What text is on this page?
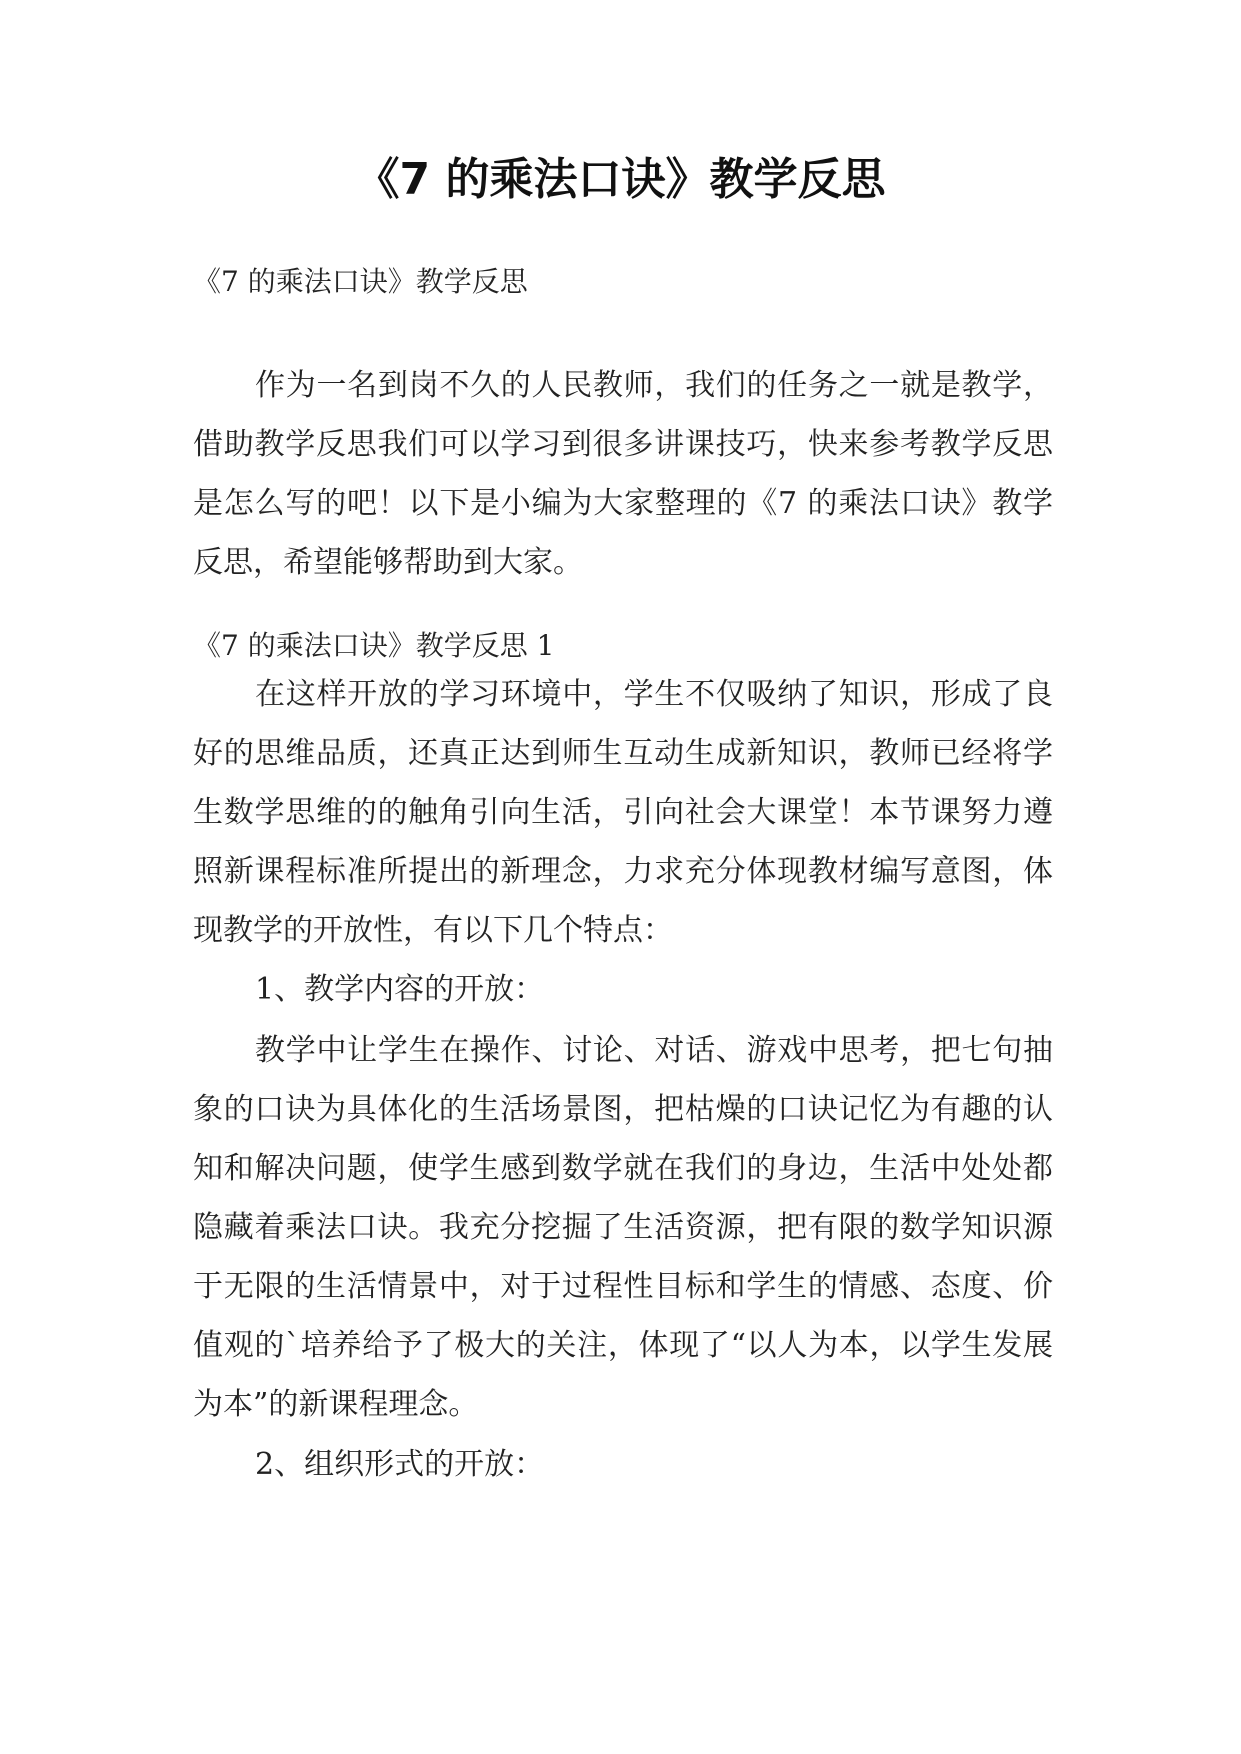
《7 的乘法口诀》教学反思

《7 的乘法口诀》教学反思

作为一名到岗不久的人民教师，我们的任务之一就是教学，借助教学反思我们可以学习到很多讲课技巧，快来参考教学反思是怎么写的吧！以下是小编为大家整理的《7 的乘法口诀》教学反思，希望能够帮助到大家。

《7 的乘法口诀》教学反思 1

在这样开放的学习环境中，学生不仅吸纳了知识，形成了良好的思维品质，还真正达到师生互动生成新知识，教师已经将学生数学思维的的触角引向生活，引向社会大课堂！本节课努力遵照新课程标准所提出的新理念，力求充分体现教材编写意图，体现教学的开放性，有以下几个特点：

1、教学内容的开放：

教学中让学生在操作、讨论、对话、游戏中思考，把七句抽象的口诀为具体化的生活场景图，把枯燥的口诀记忆为有趣的认知和解决问题，使学生感到数学就在我们的身边，生活中处处都隐藏着乘法口诀。我充分挖掘了生活资源，把有限的数学知识源于无限的生活情景中，对于过程性目标和学生的情感、态度、价值观的`培养给予了极大的关注，体现了“以人为本，以学生发展为本”的新课程理念。

2、组织形式的开放：
